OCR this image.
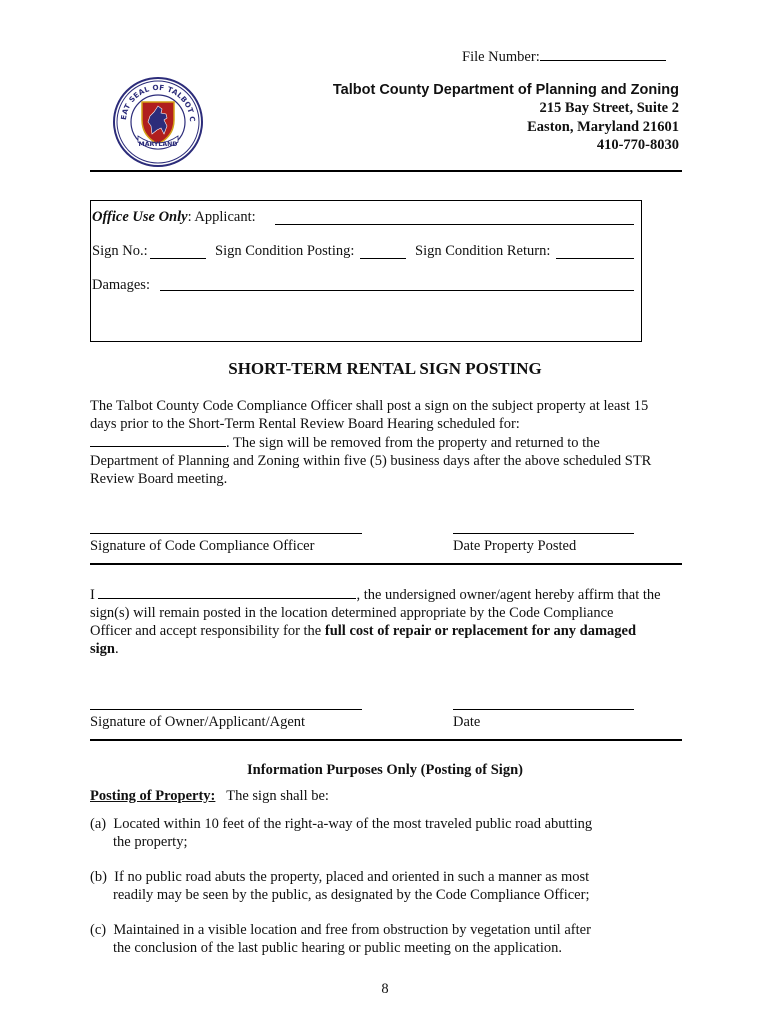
File Number:
EAT SEAL OF TALBOT C
MARYLAND
Talbot County Department of Planning and Zoning
215 Bay Street, Suite 2
Easton, Maryland 21601
410-770-8030
Office Use Only: Applicant:
Sign No.:	Sign Condition Posting:	Sign Condition Return:
Damages:
SHORT-TERM RENTAL SIGN POSTING

The Talbot County Code Compliance Officer shall post a sign on the subject property at least 15

days prior to the Short-Term Rental Review Board Hearing scheduled for:

. The sign will be removed from the property and returned to the

Department of Planning and Zoning within five (5) business days after the above scheduled STR

Review Board meeting.

Signature of Code Compliance Officer	Date Property Posted

I	, the undersigned owner/agent hereby affirm that the

sign(s) will remain posted in the location determined appropriate by the Code Compliance

Officer and accept responsibility for the full cost of repair or replacement for any damaged

sign.

Signature of Owner/Applicant/Agent	Date
Information Purposes Only (Posting of Sign)
Posting of Property: The sign shall be:
(a) Located within 10 feet of the right-a-way of the most traveled public road abutting
the property;
(b) If no public road abuts the property, placed and oriented in such a manner as most
readily may be seen by the public, as designated by the Code Compliance Officer;
(c) Maintained in a visible location and free from obstruction by vegetation until after
the conclusion of the last public hearing or public meeting on the application.
8
